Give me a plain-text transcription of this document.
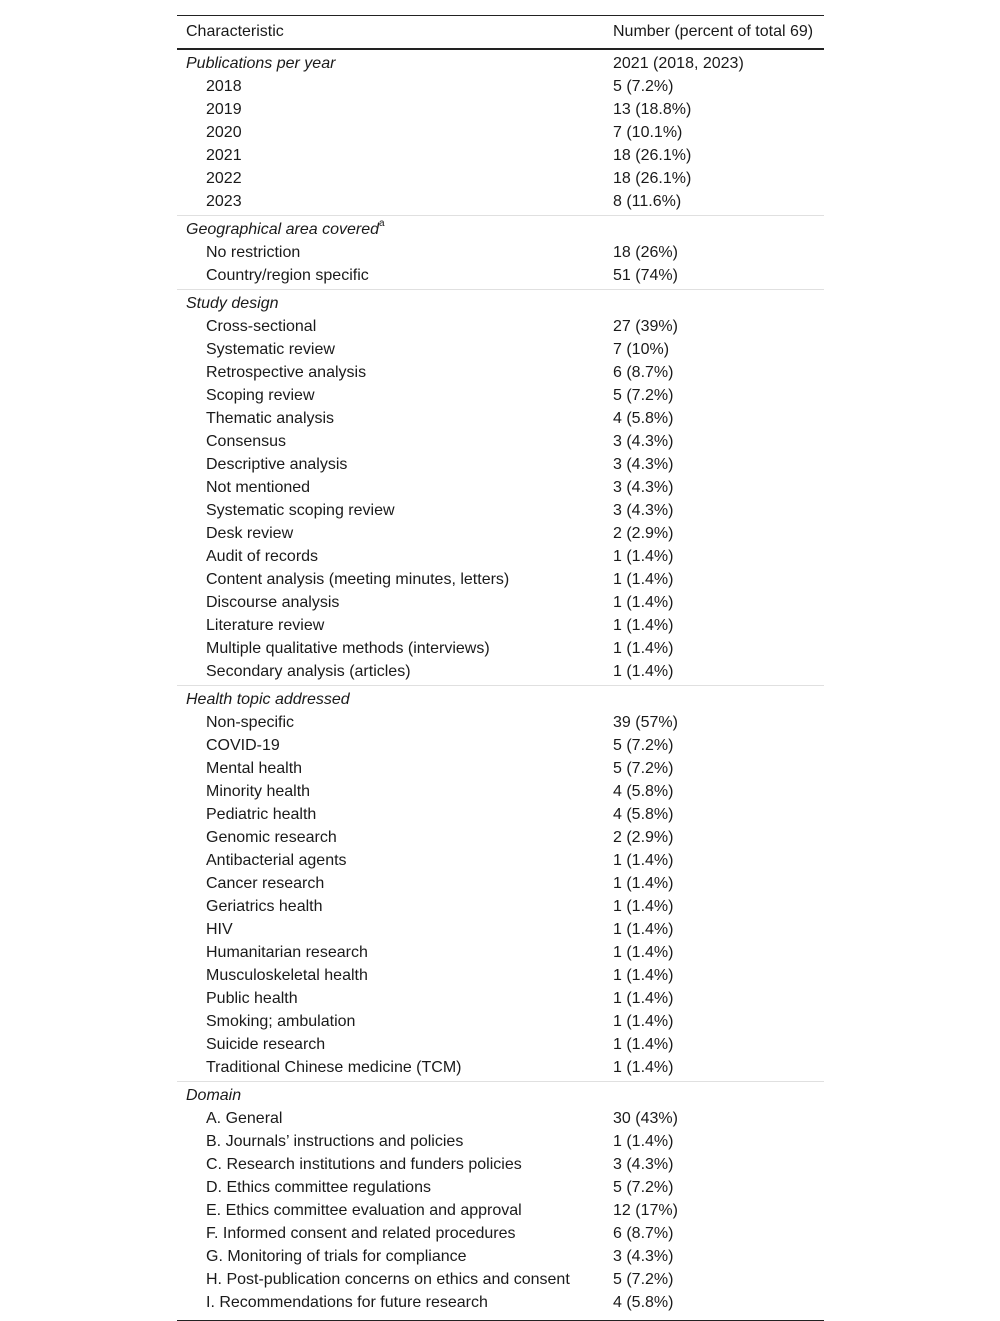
Characteristic	Number (percent of total 69)
Publications per year	2021 (2018, 2023)
2018	5 (7.2%)
2019	13 (18.8%)
2020	7 (10.1%)
2021	18 (26.1%)
2022	18 (26.1%)
2023	8 (11.6%)
Geographical area covered$^a$
No restriction	18 (26%)
Country/region specific	51 (74%)
Study design
Cross-sectional	27 (39%)
Systematic review	7 (10%)
Retrospective analysis	6 (8.7%)
Scoping review	5 (7.2%)
Thematic analysis	4 (5.8%)
Consensus	3 (4.3%)
Descriptive analysis	3 (4.3%)
Not mentioned	3 (4.3%)
Systematic scoping review	3 (4.3%)
Desk review	2 (2.9%)
Audit of records	1 (1.4%)
Content analysis (meeting minutes, letters)	1 (1.4%)
Discourse analysis	1 (1.4%)
Literature review	1 (1.4%)
Multiple qualitative methods (interviews)	1 (1.4%)
Secondary analysis (articles)	1 (1.4%)
Health topic addressed
Non-specific	39 (57%)
COVID-19	5 (7.2%)
Mental health	5 (7.2%)
Minority health	4 (5.8%)
Pediatric health	4 (5.8%)
Genomic research	2 (2.9%)
Antibacterial agents	1 (1.4%)
Cancer research	1 (1.4%)
Geriatrics health	1 (1.4%)
HIV	1 (1.4%)
Humanitarian research	1 (1.4%)
Musculoskeletal health	1 (1.4%)
Public health	1 (1.4%)
Smoking; ambulation	1 (1.4%)
Suicide research	1 (1.4%)
Traditional Chinese medicine (TCM)	1 (1.4%)
Domain
A. General	30 (43%)
B. Journals’ instructions and policies	1 (1.4%)
C. Research institutions and funders policies	3 (4.3%)
D. Ethics committee regulations	5 (7.2%)
E. Ethics committee evaluation and approval	12 (17%)
F. Informed consent and related procedures	6 (8.7%)
G. Monitoring of trials for compliance	3 (4.3%)
H. Post-publication concerns on ethics and consent	5 (7.2%)
I. Recommendations for future research	4 (5.8%)
